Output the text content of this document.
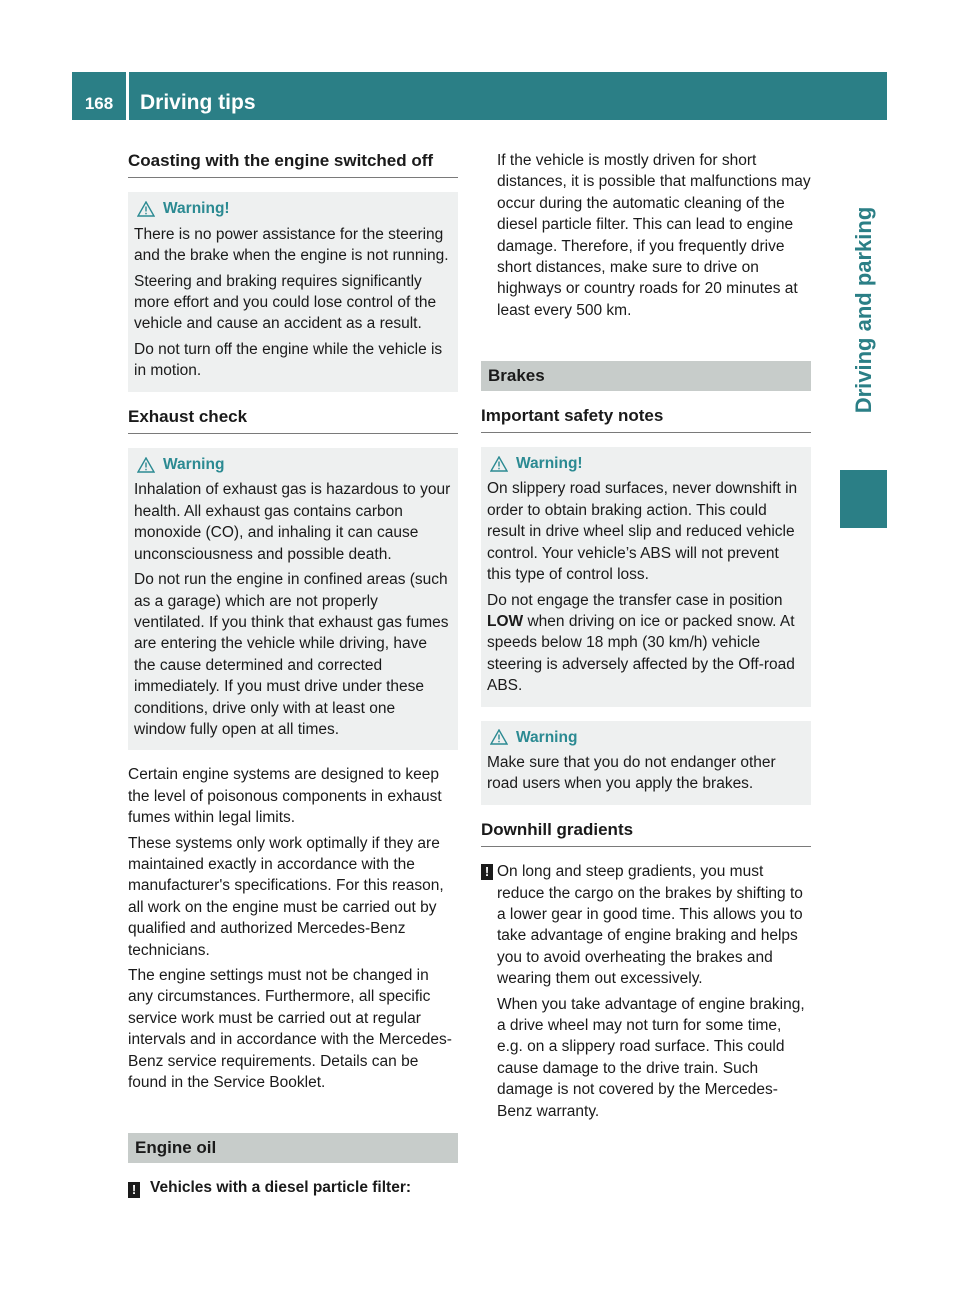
168	Driving tips
Driving and parking
Coasting with the engine switched off
Warning!

There is no power assistance for the steering and the brake when the engine is not running.

Steering and braking requires significantly more effort and you could lose control of the vehicle and cause an accident as a result.

Do not turn off the engine while the vehicle is in motion.

Exhaust check
Warning

Inhalation of exhaust gas is hazardous to your health. All exhaust gas contains carbon monoxide (CO), and inhaling it can cause unconsciousness and possible death.

Do not run the engine in confined areas (such as a garage) which are not properly ventilated. If you think that exhaust gas fumes are entering the vehicle while driving, have the cause determined and corrected immediately. If you must drive under these conditions, drive only with at least one window fully open at all times.

Certain engine systems are designed to keep the level of poisonous components in exhaust fumes within legal limits.

These systems only work optimally if they are maintained exactly in accordance with the manufacturer's specifications. For this reason, all work on the engine must be carried out by qualified and authorized Mercedes-Benz technicians.

The engine settings must not be changed in any circumstances. Furthermore, all specific service work must be carried out at regular intervals and in accordance with the Mercedes-Benz service requirements. Details can be found in the Service Booklet.

Engine oil
! Vehicles with a diesel particle filter:
If the vehicle is mostly driven for short distances, it is possible that malfunctions may occur during the automatic cleaning of the diesel particle filter. This can lead to engine damage. Therefore, if you frequently drive short distances, make sure to drive on highways or country roads for 20 minutes at least every 500 km.
Brakes
Important safety notes
Warning!

On slippery road surfaces, never downshift in order to obtain braking action. This could result in drive wheel slip and reduced vehicle control. Your vehicle’s ABS will not prevent this type of control loss.

Do not engage the transfer case in position LOW when driving on ice or packed snow. At speeds below 18 mph (30 km/h) vehicle steering is adversely affected by the Off-road ABS.

Warning

Make sure that you do not endanger other road users when you apply the brakes.

Downhill gradients
! On long and steep gradients, you must reduce the cargo on the brakes by shifting to a lower gear in good time. This allows you to take advantage of engine braking and helps you to avoid overheating the brakes and wearing them out excessively.

When you take advantage of engine braking, a drive wheel may not turn for some time, e.g. on a slippery road surface. This could cause damage to the drive train. Such damage is not covered by the Mercedes-Benz warranty.
